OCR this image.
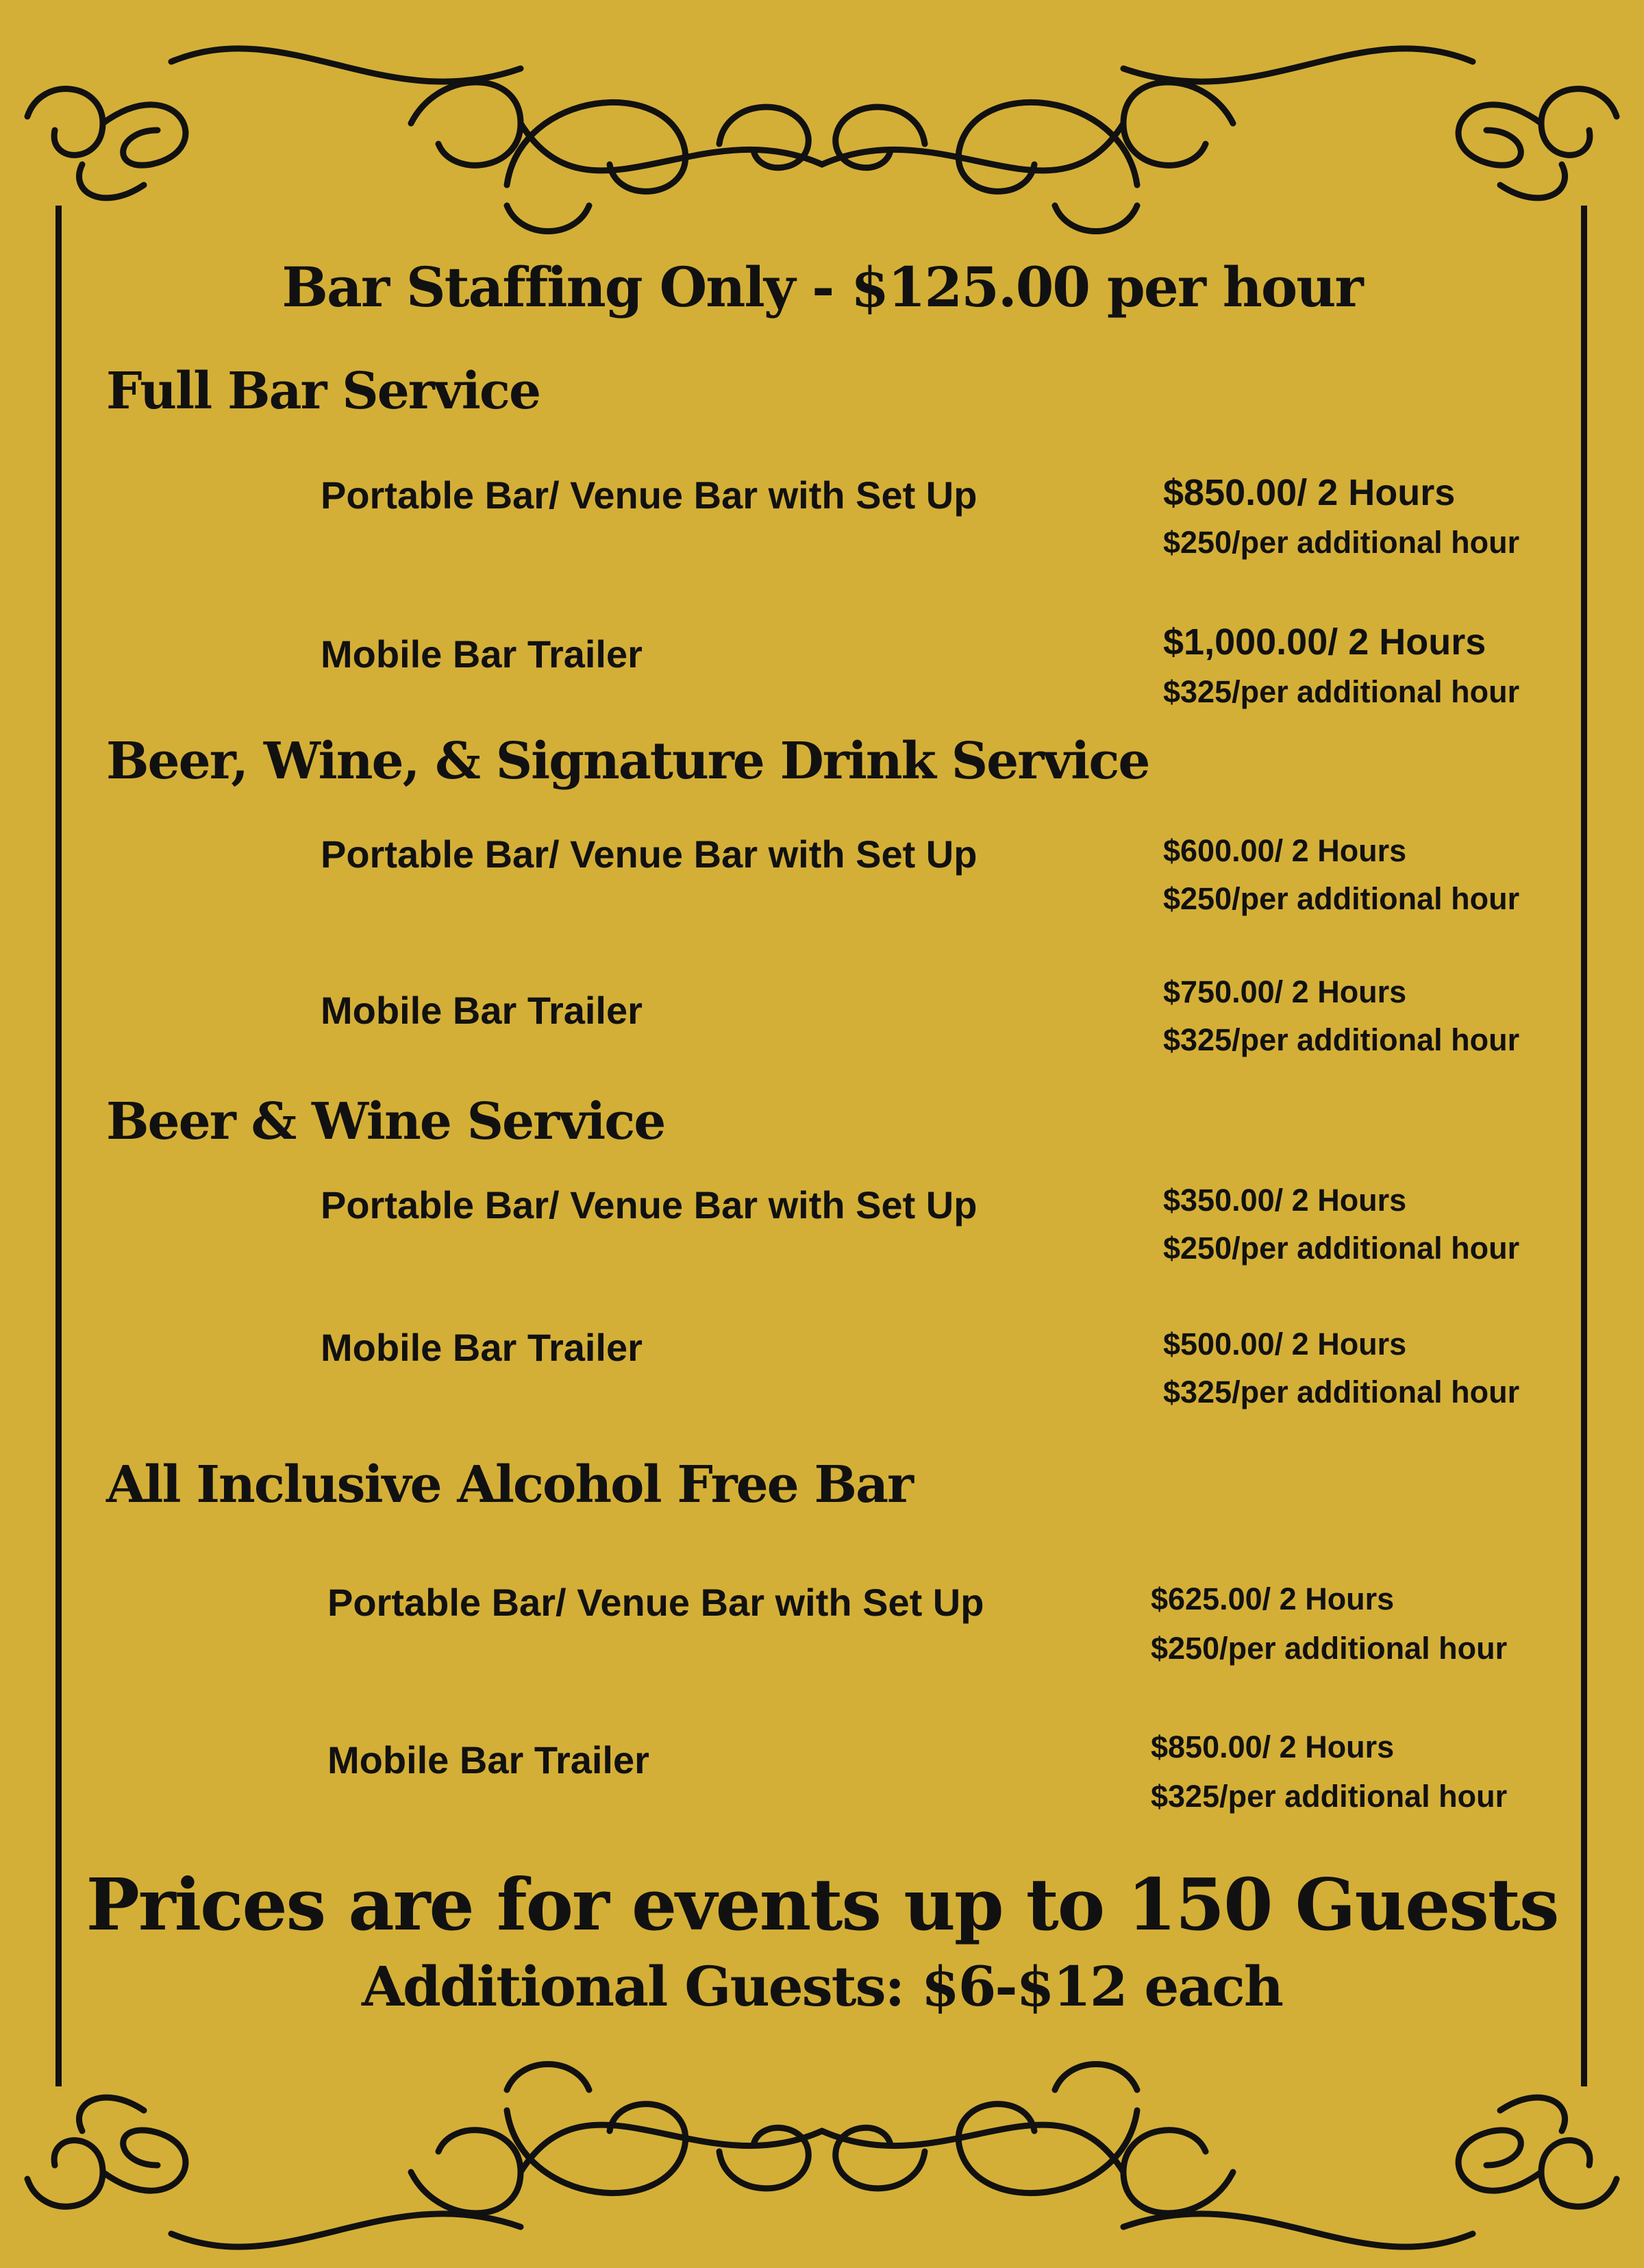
Bar Staffing Only - $125.00 per hour
Full Bar Service
Portable Bar/ Venue Bar with Set Up	$850.00/ 2 Hours
$250/per additional hour
Mobile Bar Trailer	$1,000.00/ 2 Hours
$325/per additional hour
Beer, Wine, & Signature Drink Service
Portable Bar/ Venue Bar with Set Up	$600.00/ 2 Hours
$250/per additional hour
Mobile Bar Trailer	$750.00/ 2 Hours
$325/per additional hour
Beer & Wine Service
Portable Bar/ Venue Bar with Set Up	$350.00/ 2 Hours
$250/per additional hour
Mobile Bar Trailer	$500.00/ 2 Hours
$325/per additional hour
All Inclusive Alcohol Free Bar
Portable Bar/ Venue Bar with Set Up	$625.00/ 2 Hours
$250/per additional hour
Mobile Bar Trailer	$850.00/ 2 Hours
$325/per additional hour
Prices are for events up to 150 Guests
Additional Guests: $6-$12 each
